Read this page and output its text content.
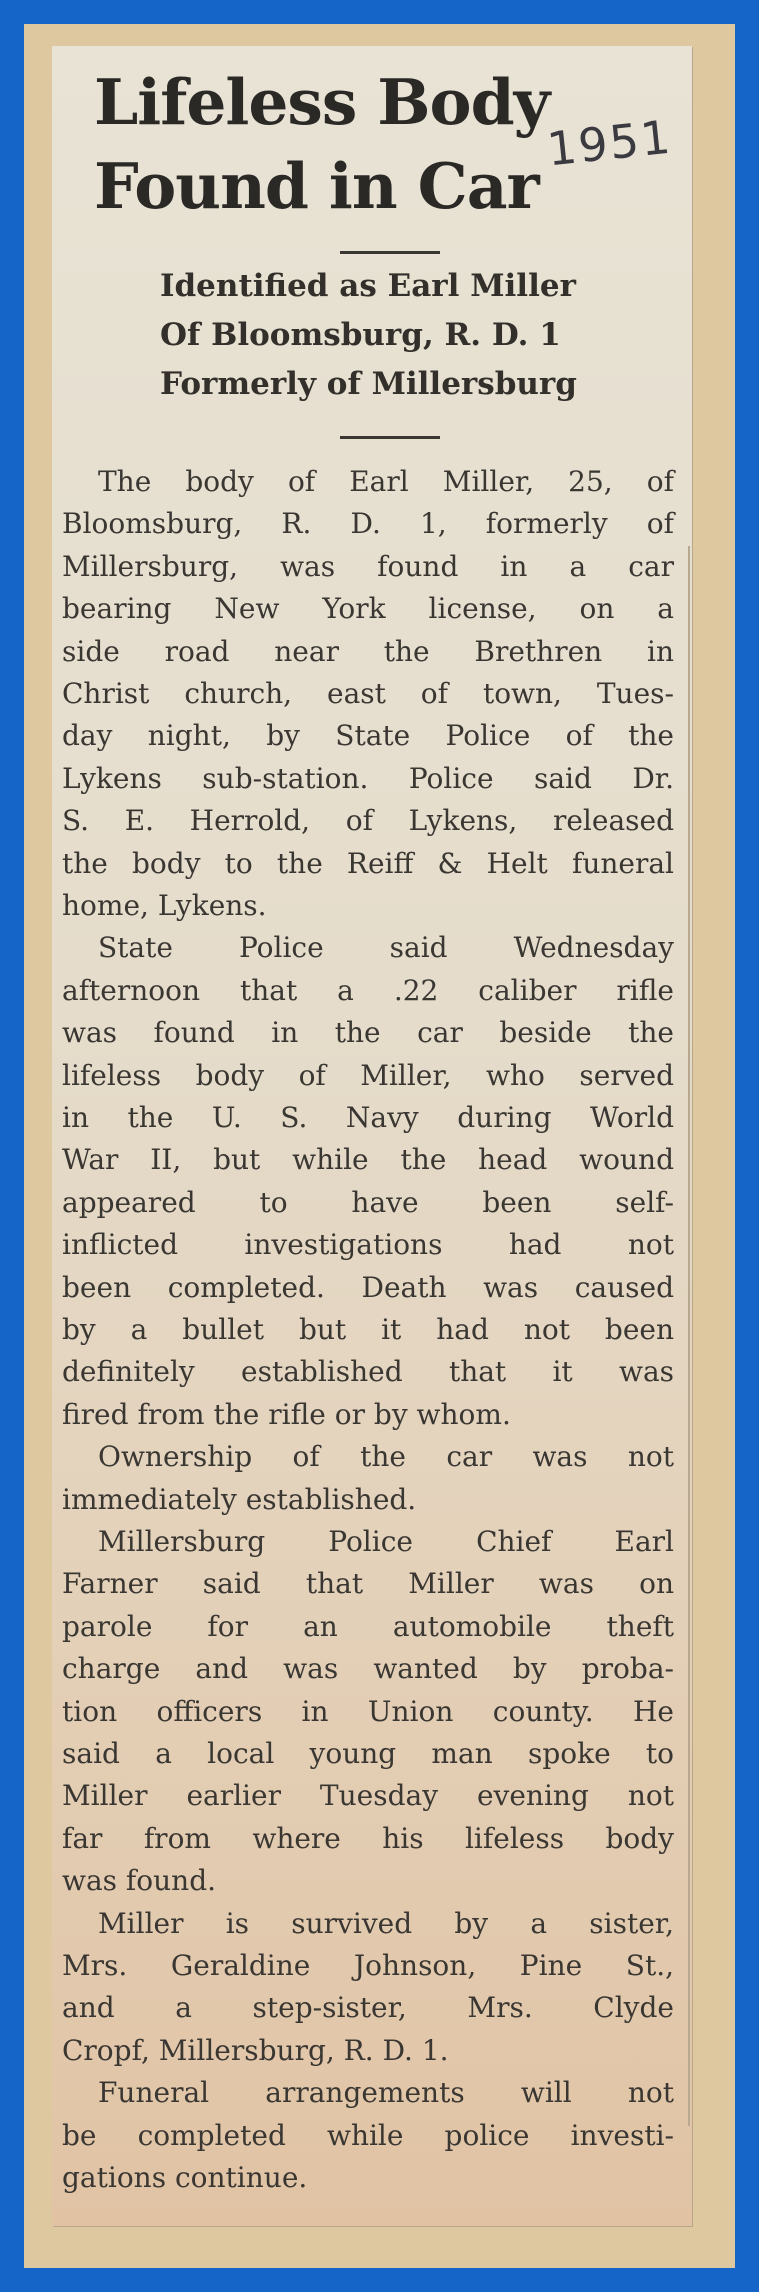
Lifeless Body
Found in Car
1951
Identified as Earl Miller
Of Bloomsburg, R. D. 1
Formerly of Millersburg
The body of Earl Miller, 25, of
Bloomsburg, R. D. 1, formerly of
Millersburg, was found in a car
bearing New York license, on a
side road near the Brethren in
Christ church, east of town, Tues-
day night, by State Police of the
Lykens sub-station. Police said Dr.
S. E. Herrold, of Lykens, released
the body to the Reiff & Helt funeral
home, Lykens.
State Police said Wednesday
afternoon that a .22 caliber rifle
was found in the car beside the
lifeless body of Miller, who served
in the U. S. Navy during World
War II, but while the head wound
appeared to have been self-
inflicted investigations had not
been completed. Death was caused
by a bullet but it had not been
definitely established that it was
fired from the rifle or by whom.
Ownership of the car was not
immediately established.
Millersburg Police Chief Earl
Farner said that Miller was on
parole for an automobile theft
charge and was wanted by proba-
tion officers in Union county. He
said a local young man spoke to
Miller earlier Tuesday evening not
far from where his lifeless body
was found.
Miller is survived by a sister,
Mrs. Geraldine Johnson, Pine St.,
and a step-sister, Mrs. Clyde
Cropf, Millersburg, R. D. 1.
Funeral arrangements will not
be completed while police investi-
gations continue.
